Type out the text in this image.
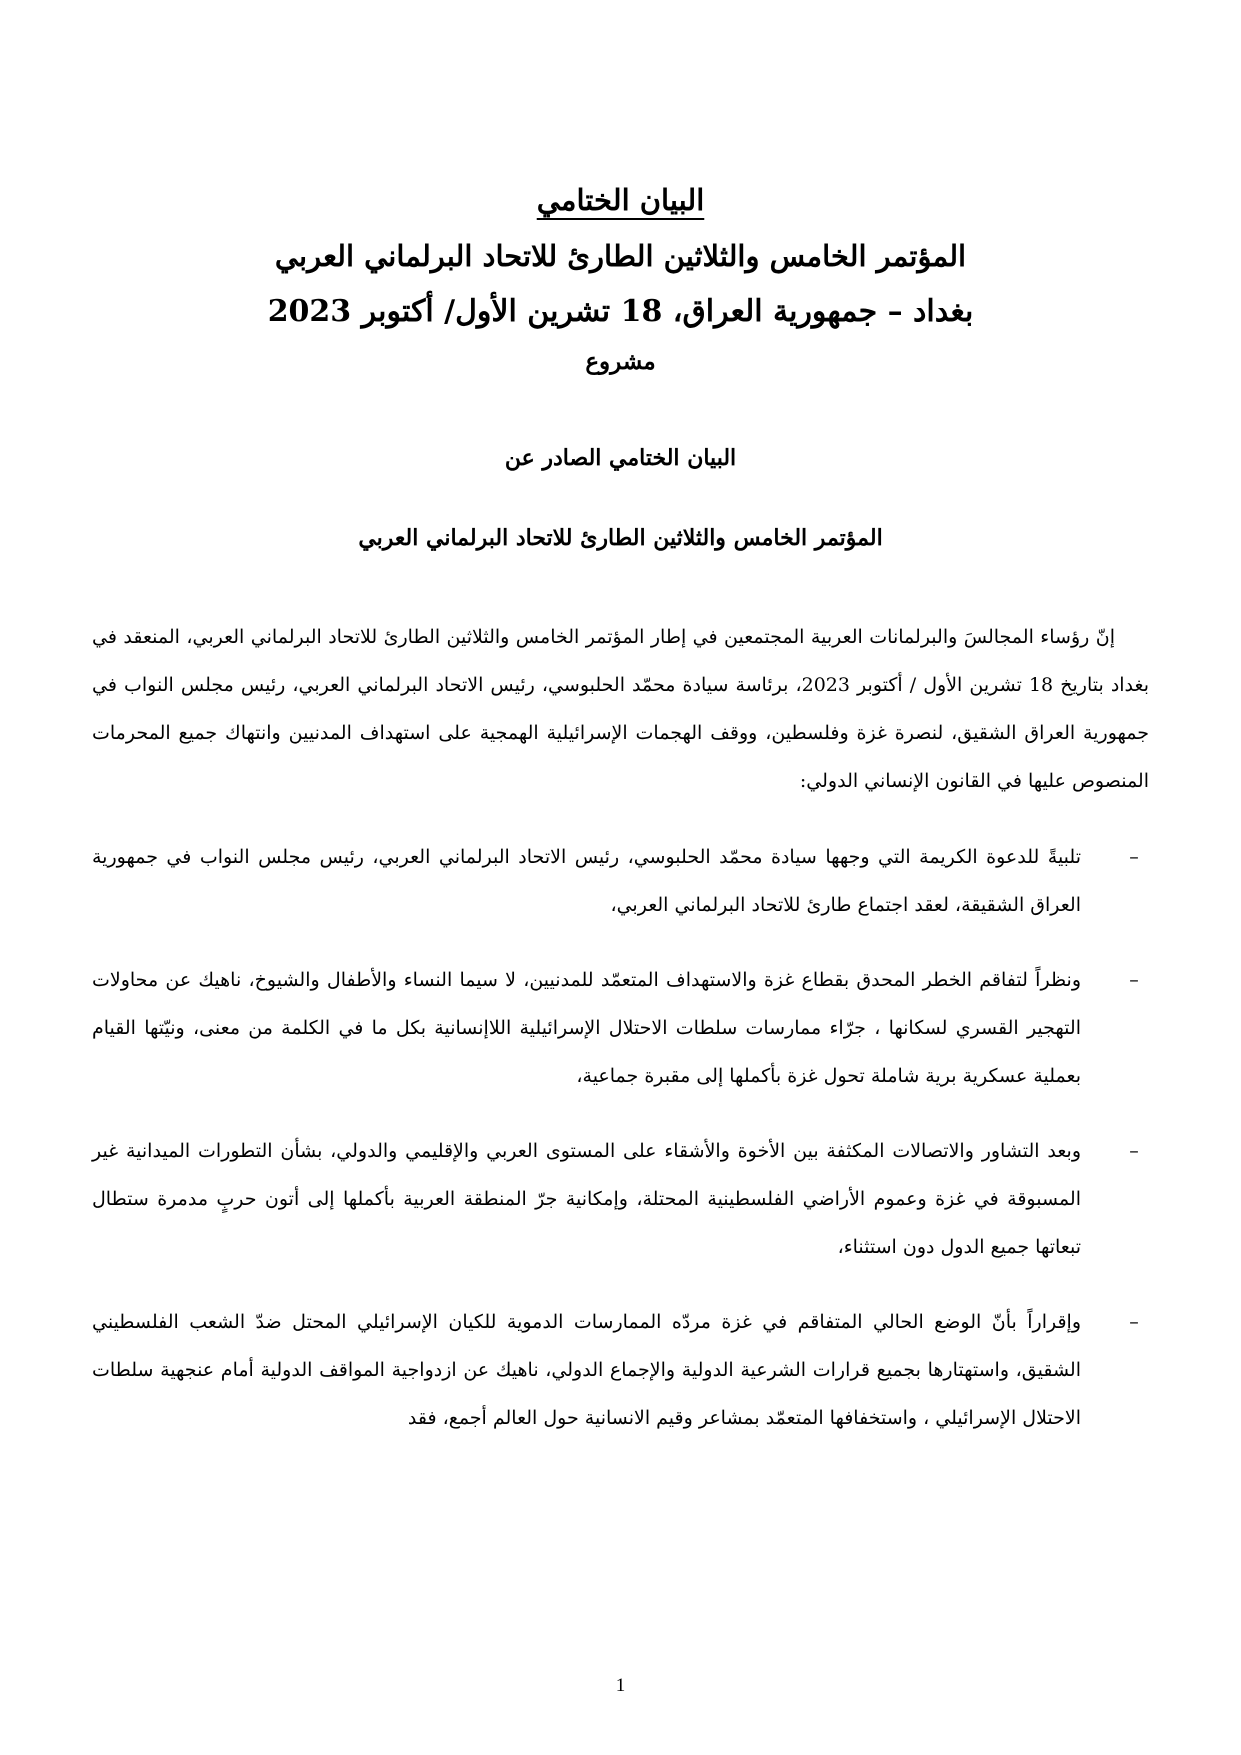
البيان الختامي
المؤتمر الخامس والثلاثين الطارئ للاتحاد البرلماني العربي
بغداد – جمهورية العراق، 18 تشرين الأول/ أكتوبر 2023

مشروع

البيان الختامي الصادر عن

المؤتمر الخامس والثلاثين الطارئ للاتحاد البرلماني العربي

إنّ رؤساء المجالسَ والبرلمانات العربية المجتمعين في إطار المؤتمر الخامس والثلاثين الطارئ للاتحاد البرلماني العربي، المنعقد في بغداد بتاريخ 18 تشرين الأول / أكتوبر 2023، برئاسة سيادة محمّد الحلبوسي، رئيس الاتحاد البرلماني العربي، رئيس مجلس النواب في جمهورية العراق الشقيق، لنصرة غزة وفلسطين، ووقف الهجمات الإسرائيلية الهمجية على استهداف المدنيين وانتهاك جميع المحرمات المنصوص عليها في القانون الإنساني الدولي:

–
تلبيةً للدعوة الكريمة التي وجهها سيادة محمّد الحلبوسي، رئيس الاتحاد البرلماني العربي، رئيس مجلس النواب في جمهورية العراق الشقيقة، لعقد اجتماع طارئ للاتحاد البرلماني العربي،
–
ونظراً لتفاقم الخطر المحدق بقطاع غزة والاستهداف المتعمّد للمدنيين، لا سيما النساء والأطفال والشيوخ، ناهيك عن محاولات التهجير القسري لسكانها ، جرّاء ممارسات سلطات الاحتلال الإسرائيلية اللاإنسانية بكل ما في الكلمة من معنى، ونيّتها القيام بعملية عسكرية برية شاملة تحول غزة بأكملها إلى مقبرة جماعية،
–
وبعد التشاور والاتصالات المكثفة بين الأخوة والأشقاء على المستوى العربي والإقليمي والدولي، بشأن التطورات الميدانية غير المسبوقة في غزة وعموم الأراضي الفلسطينية المحتلة، وإمكانية جرّ المنطقة العربية بأكملها إلى أتون حربٍ مدمرة ستطال تبعاتها جميع الدول دون استثناء،
–
وإقراراً بأنّ الوضع الحالي المتفاقم في غزة مردّه الممارسات الدموية للكيان الإسرائيلي المحتل ضدّ الشعب الفلسطيني الشقيق، واستهتارها بجميع قرارات الشرعية الدولية والإجماع الدولي، ناهيك عن ازدواجية المواقف الدولية أمام عنجهية سلطات الاحتلال الإسرائيلي ، واستخفافها المتعمّد بمشاعر وقيم الانسانية حول العالم أجمع، فقد
1
